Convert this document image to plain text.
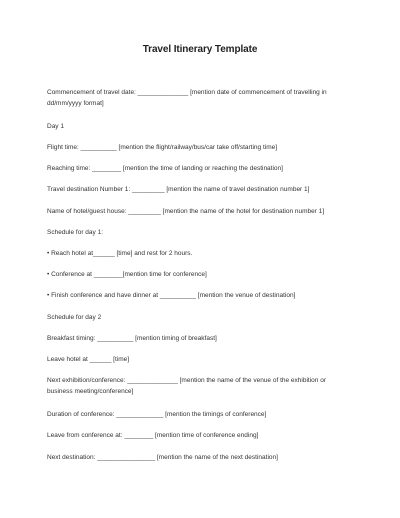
Travel Itinerary Template
Commencement of travel date: ______________ [mention date of commencement of travelling in dd/mm/yyyy format]
Day 1
Flight time: __________ [mention the flight/railway/bus/car take off/starting time]
Reaching time: ________ [mention the time of landing or reaching the destination]
Travel destination Number 1: _________ [mention the name of travel destination number 1]
Name of hotel/guest house: _________ [mention the name of the hotel for destination number 1]
Schedule for day 1:
• Reach hotel at______ [time] and rest for 2 hours.
• Conference at ________[mention time for conference]
• Finish conference and have dinner at __________ [mention the venue of destination]
Schedule for day 2
Breakfast timing: __________ [mention timing of breakfast]
Leave hotel at ______ [time]
Next exhibition/conference: ______________ [mention the name of the venue of the exhibition or business meeting/conference]
Duration of conference: _____________ [mention the timings of conference]
Leave from conference at: ________ [mention time of conference ending]
Next destination: ________________ [mention the name of the next destination]
